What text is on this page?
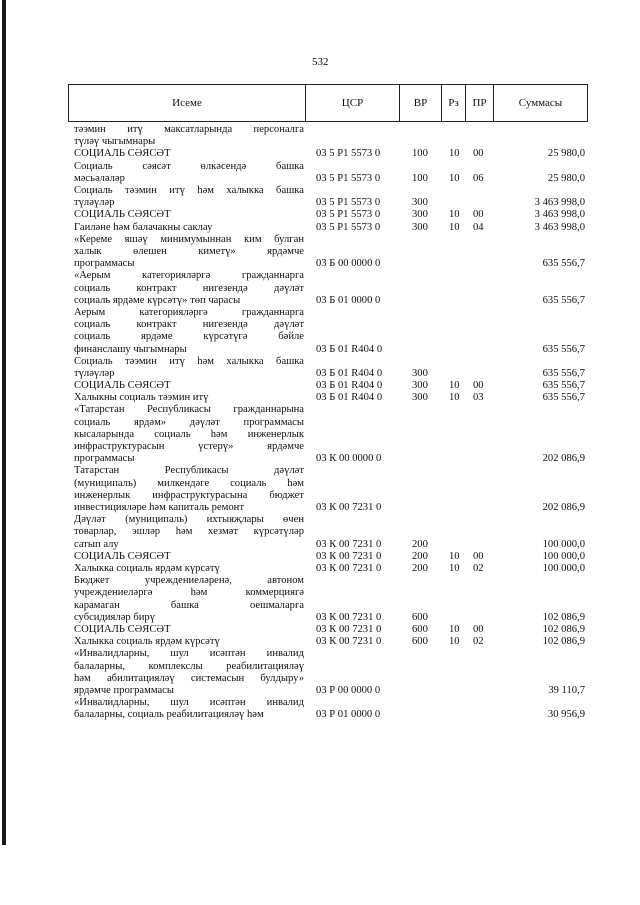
532
Исеме	ЦСР	ВР	Рз	ПР	Суммасы
тәэмин итү максатларында персоналга
түләү чыгымнары
СОЦИАЛЬ СӘЯСӘТ	03 5 P1 5573 0	100 10 00	25 980,0
Социаль сәясәт өлкәсендә башка
мәсьәләләр	03 5 P1 5573 0	100 10 06	25 980,0
Социаль тәэмин итү һәм халыкка башка
түләүләр	03 5 P1 5573 0	300	3 463 998,0
СОЦИАЛЬ СӘЯСӘТ	03 5 P1 5573 0	300 10 00	3 463 998,0
Гаиләне һәм балачакны саклау	03 5 P1 5573 0	300 10 04	3 463 998,0
«Кереме яшәү минимумыннан ким булган
халык өлешен киметү» ярдәмче
программасы	03 Б 00 0000 0	635 556,7
«Аерым категорияләргә гражданнарга
социаль контракт нигезендә дәүләт
социаль ярдәме күрсәтү» төп чарасы	03 Б 01 0000 0	635 556,7
Аерым категорияләргә гражданнарга
социаль контракт нигезендә дәүләт
социаль ярдәме күрсәтүгә бәйле
финанслашу чыгымнары	03 Б 01 R404 0	635 556,7
Социаль тәэмин итү һәм халыкка башка
түләүләр	03 Б 01 R404 0	300	635 556,7
СОЦИАЛЬ СӘЯСӘТ	03 Б 01 R404 0	300 10 00	635 556,7
Халыкны социаль тәэмин итү	03 Б 01 R404 0	300 10 03	635 556,7
«Татарстан Республикасы гражданнарына
социаль ярдәм» дәүләт программасы
кысаларында социаль һәм инженерлык
инфраструктурасын үстерү» ярдәмче
программасы	03 К 00 0000 0	202 086,9
Татарстан Республикасы дәүләт
(муниципаль) милкендәге социаль һәм
инженерлык инфраструктурасына бюджет
инвестицияләре һәм капиталь ремонт	03 К 00 7231 0	202 086,9
Дәүләт (муниципаль) ихтыяҗлары өчен
товарлар, эшләр һәм хезмәт күрсәтүләр
сатып алу	03 К 00 7231 0	200	100 000,0
СОЦИАЛЬ СӘЯСӘТ	03 К 00 7231 0	200 10 00	100 000,0
Халыкка социаль ярдәм күрсәтү	03 К 00 7231 0	200 10 02	100 000,0
Бюджет учреждениеләренә, автоном
учреждениеләргә һәм коммерциягә
карамаган башка оешмаларга
субсидияләр бирү	03 К 00 7231 0	600	102 086,9
СОЦИАЛЬ СӘЯСӘТ	03 К 00 7231 0	600 10 00	102 086,9
Халыкка социаль ярдәм күрсәтү	03 К 00 7231 0	600 10 02	102 086,9
«Инвалидларны, шул исәптән инвалид
балаларны, комплекслы реабилитацияләү
һәм абилитацияләү системасын булдыру»
ярдәмче программасы	03 Р 00 0000 0	39 110,7
«Инвалидларны, шул исәптән инвалид
балаларны, социаль реабилитацияләү һәм	03 Р 01 0000 0	30 956,9
